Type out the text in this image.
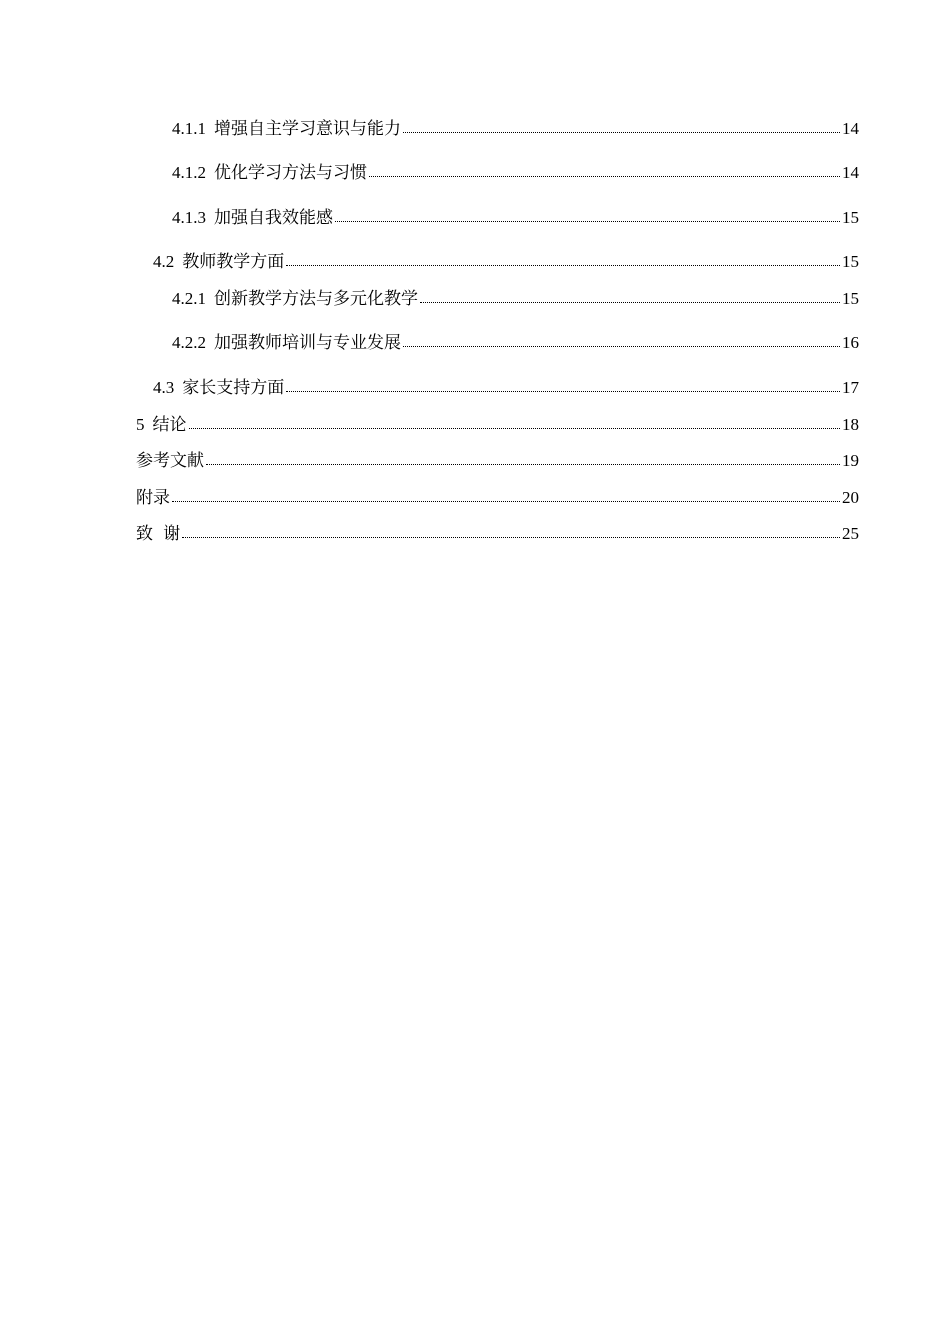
4.1.1 增强自主学习意识与能力	14
4.1.2 优化学习方法与习惯	14
4.1.3 加强自我效能感	15
4.2 教师教学方面	15
4.2.1 创新教学方法与多元化教学	15
4.2.2 加强教师培训与专业发展	16
4.3 家长支持方面	17
5 结论	18
参考文献	19
附录	20
致 谢	25
